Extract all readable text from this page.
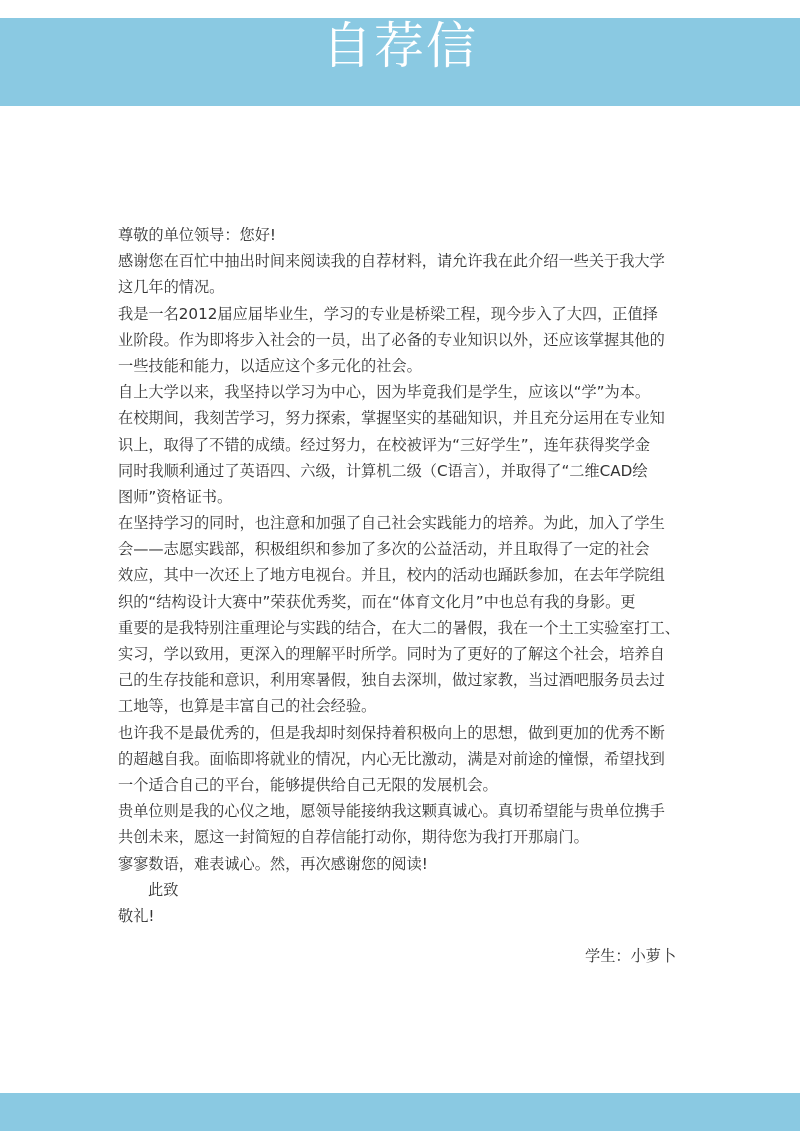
自荐信
尊敬的单位领导：您好!
感谢您在百忙中抽出时间来阅读我的自荐材料，请允许我在此介绍一些关于我大学
这几年的情况。
我是一名2012届应届毕业生，学习的专业是桥梁工程，现今步入了大四，正值择
业阶段。作为即将步入社会的一员，出了必备的专业知识以外，还应该掌握其他的
一些技能和能力，以适应这个多元化的社会。
自上大学以来，我坚持以学习为中心，因为毕竟我们是学生，应该以“学”为本。
在校期间，我刻苦学习，努力探索，掌握坚实的基础知识，并且充分运用在专业知
识上，取得了不错的成绩。经过努力，在校被评为“三好学生”，连年获得奖学金
同时我顺利通过了英语四、六级，计算机二级（C语言），并取得了“二维CAD绘
图师”资格证书。
在坚持学习的同时，也注意和加强了自己社会实践能力的培养。为此，加入了学生
会——志愿实践部，积极组织和参加了多次的公益活动，并且取得了一定的社会
效应，其中一次还上了地方电视台。并且，校内的活动也踊跃参加，在去年学院组
织的“结构设计大赛中”荣获优秀奖，而在“体育文化月”中也总有我的身影。更
重要的是我特别注重理论与实践的结合，在大二的暑假，我在一个土工实验室打工、
实习，学以致用，更深入的理解平时所学。同时为了更好的了解这个社会，培养自
己的生存技能和意识，利用寒暑假，独自去深圳，做过家教，当过酒吧服务员去过
工地等，也算是丰富自己的社会经验。
也许我不是最优秀的，但是我却时刻保持着积极向上的思想，做到更加的优秀不断
的超越自我。面临即将就业的情况，内心无比激动，满是对前途的憧憬，希望找到
一个适合自己的平台，能够提供给自己无限的发展机会。
贵单位则是我的心仪之地，愿领导能接纳我这颗真诚心。真切希望能与贵单位携手
共创未来，愿这一封简短的自荐信能打动你，期待您为我打开那扇门。
寥寥数语，难表诚心。然，再次感谢您的阅读!
此致
敬礼!
学生：小萝卜
